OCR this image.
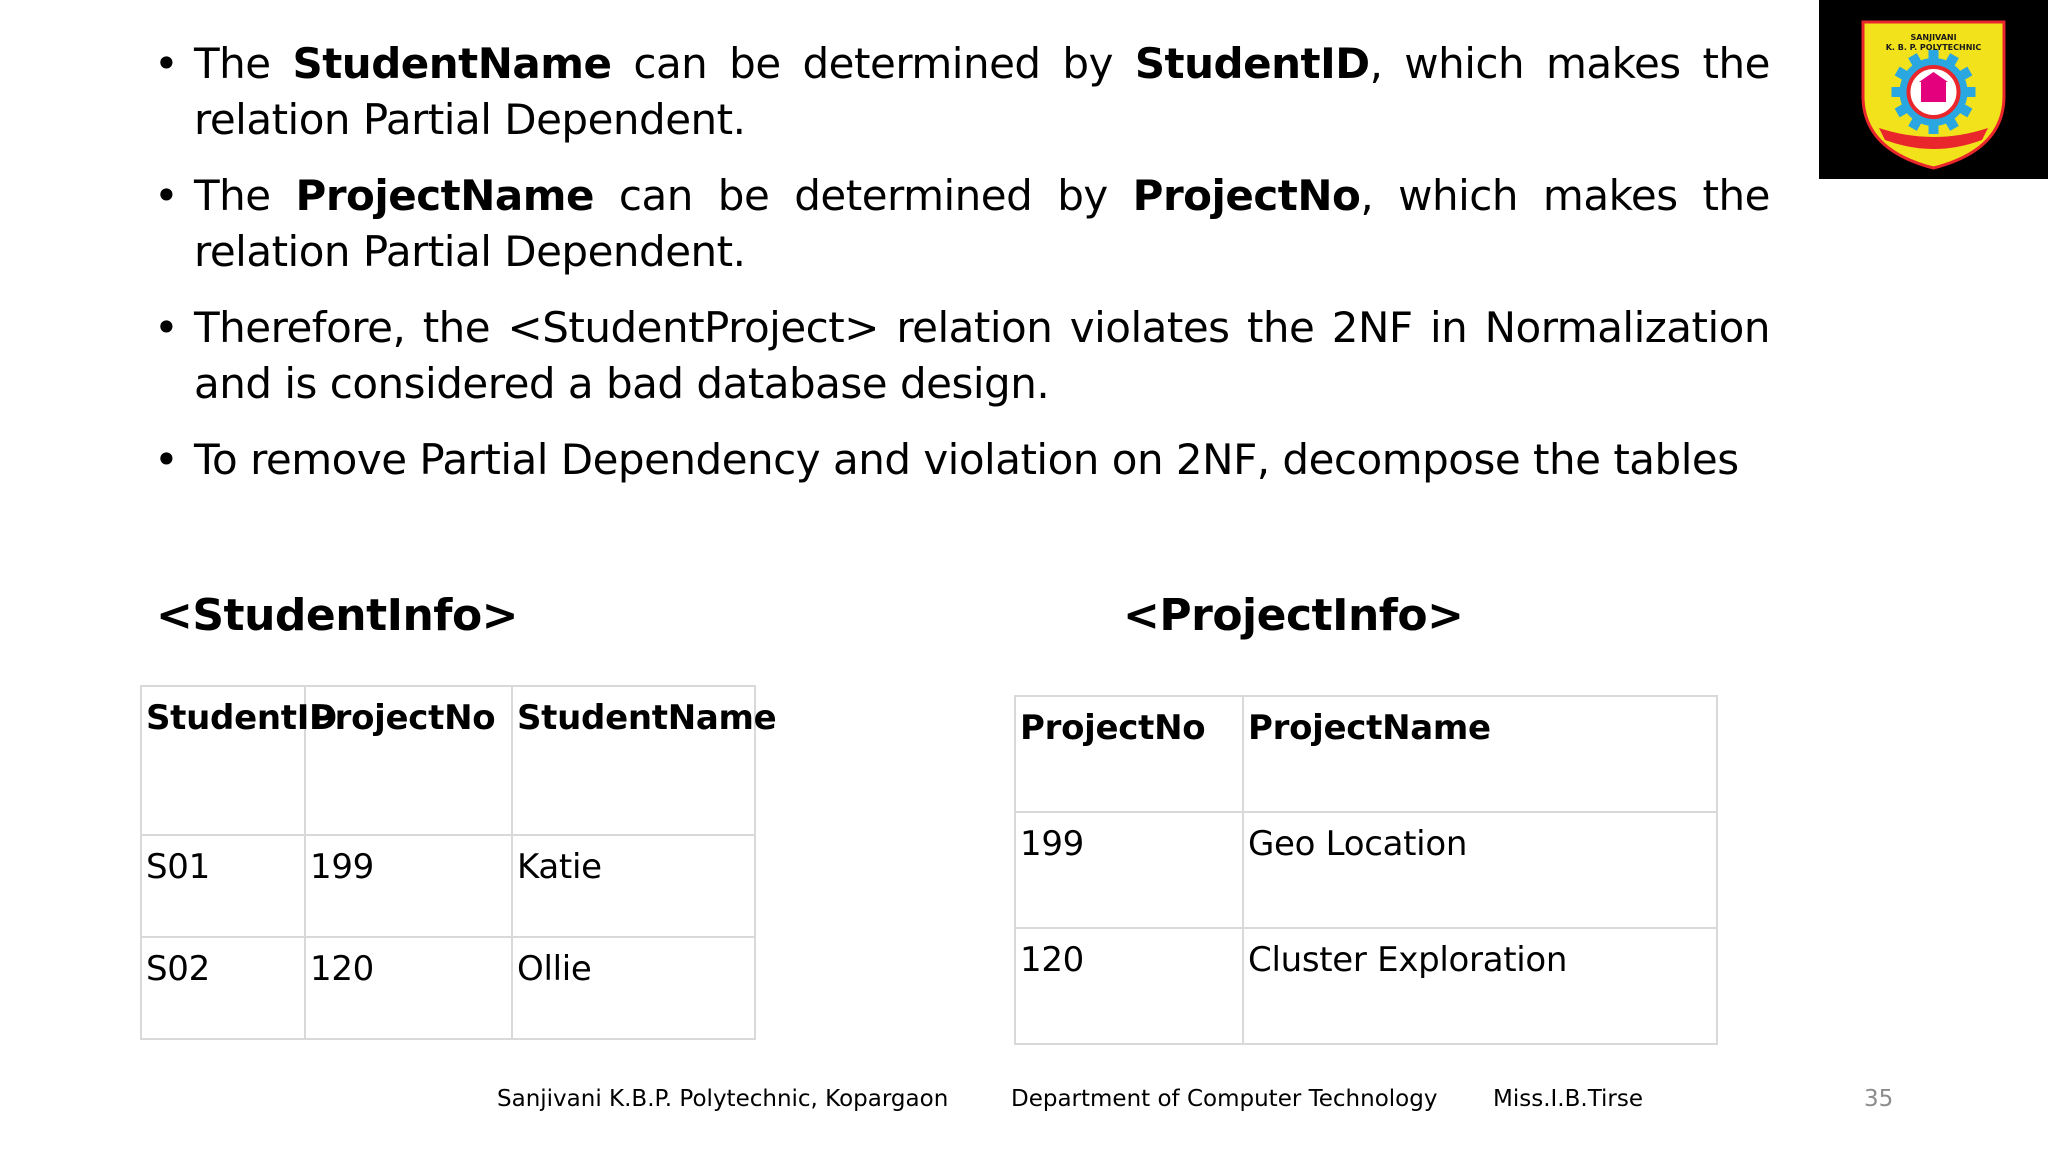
• The StudentName can be determined by StudentID, which makes the relation Partial Dependent.
• The ProjectName can be determined by ProjectNo, which makes the relation Partial Dependent.
• Therefore, the <StudentProject> relation violates the 2NF in Normalization and is considered a bad database design.
• To remove Partial Dependency and violation on 2NF, decompose the tables
<StudentInfo>	<ProjectInfo>
StudentID	ProjectNo	StudentName
S01	199	Katie
S02	120	Ollie
ProjectNo	ProjectName
199	Geo Location
120	Cluster Exploration
SANJIVANI
K. B. P. POLYTECHNIC
Sanjivani K.B.P. Polytechnic, Kopargaon	Department of Computer Technology Miss.I.B.Tirse	35
